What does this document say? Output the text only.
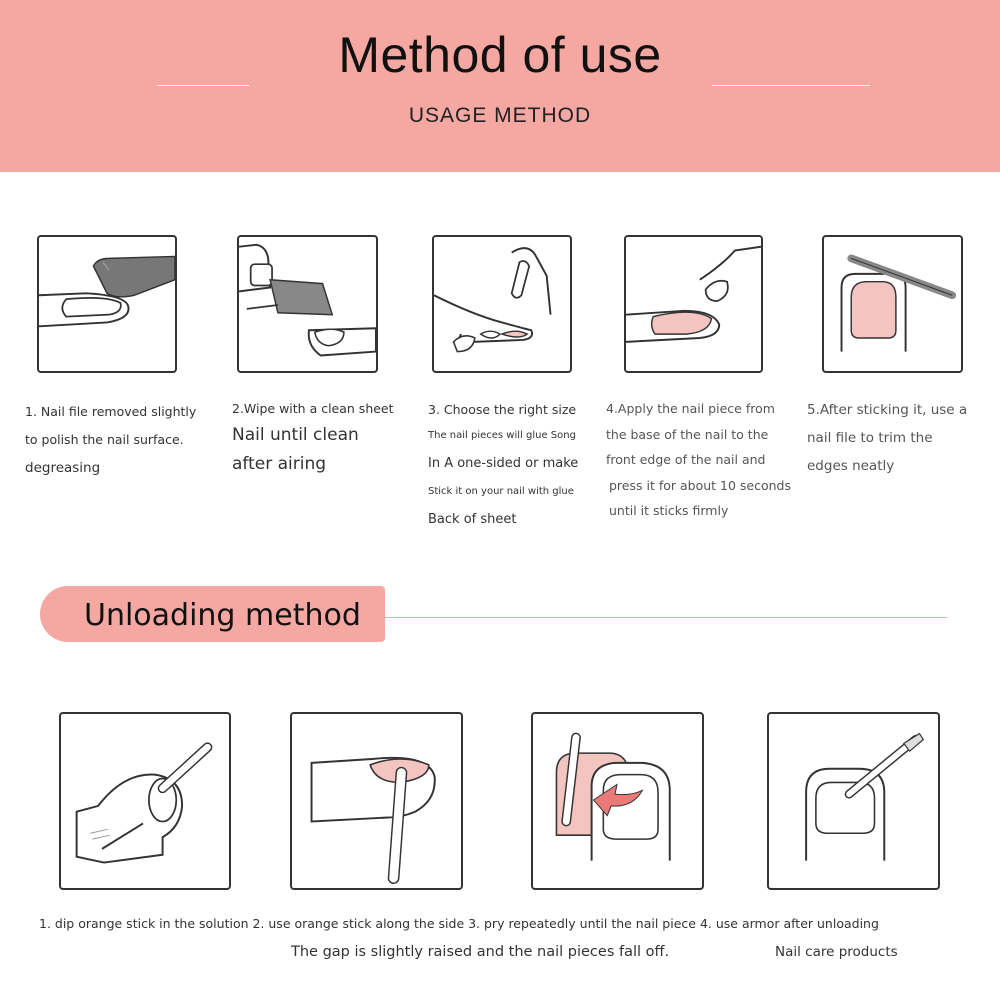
Method of use
USAGE METHOD
1. Nail file removed slightly
to polish the nail surface.
degreasing
2.Wipe with a clean sheet
Nail until clean
after airing
3. Choose the right size
The nail pieces will glue Song
In A one-sided or make
Stick it on your nail with glue
Back of sheet
4.Apply the nail piece from
the base of the nail to the
front edge of the nail and
press it for about 10 seconds
until it sticks firmly
5.After sticking it, use a
nail file to trim the
edges neatly
Unloading method
1. dip orange stick in the solution 2. use orange stick along the side 3. pry repeatedly until the nail piece 4. use armor after unloading
The gap is slightly raised and the nail pieces fall off.	Nail care products
